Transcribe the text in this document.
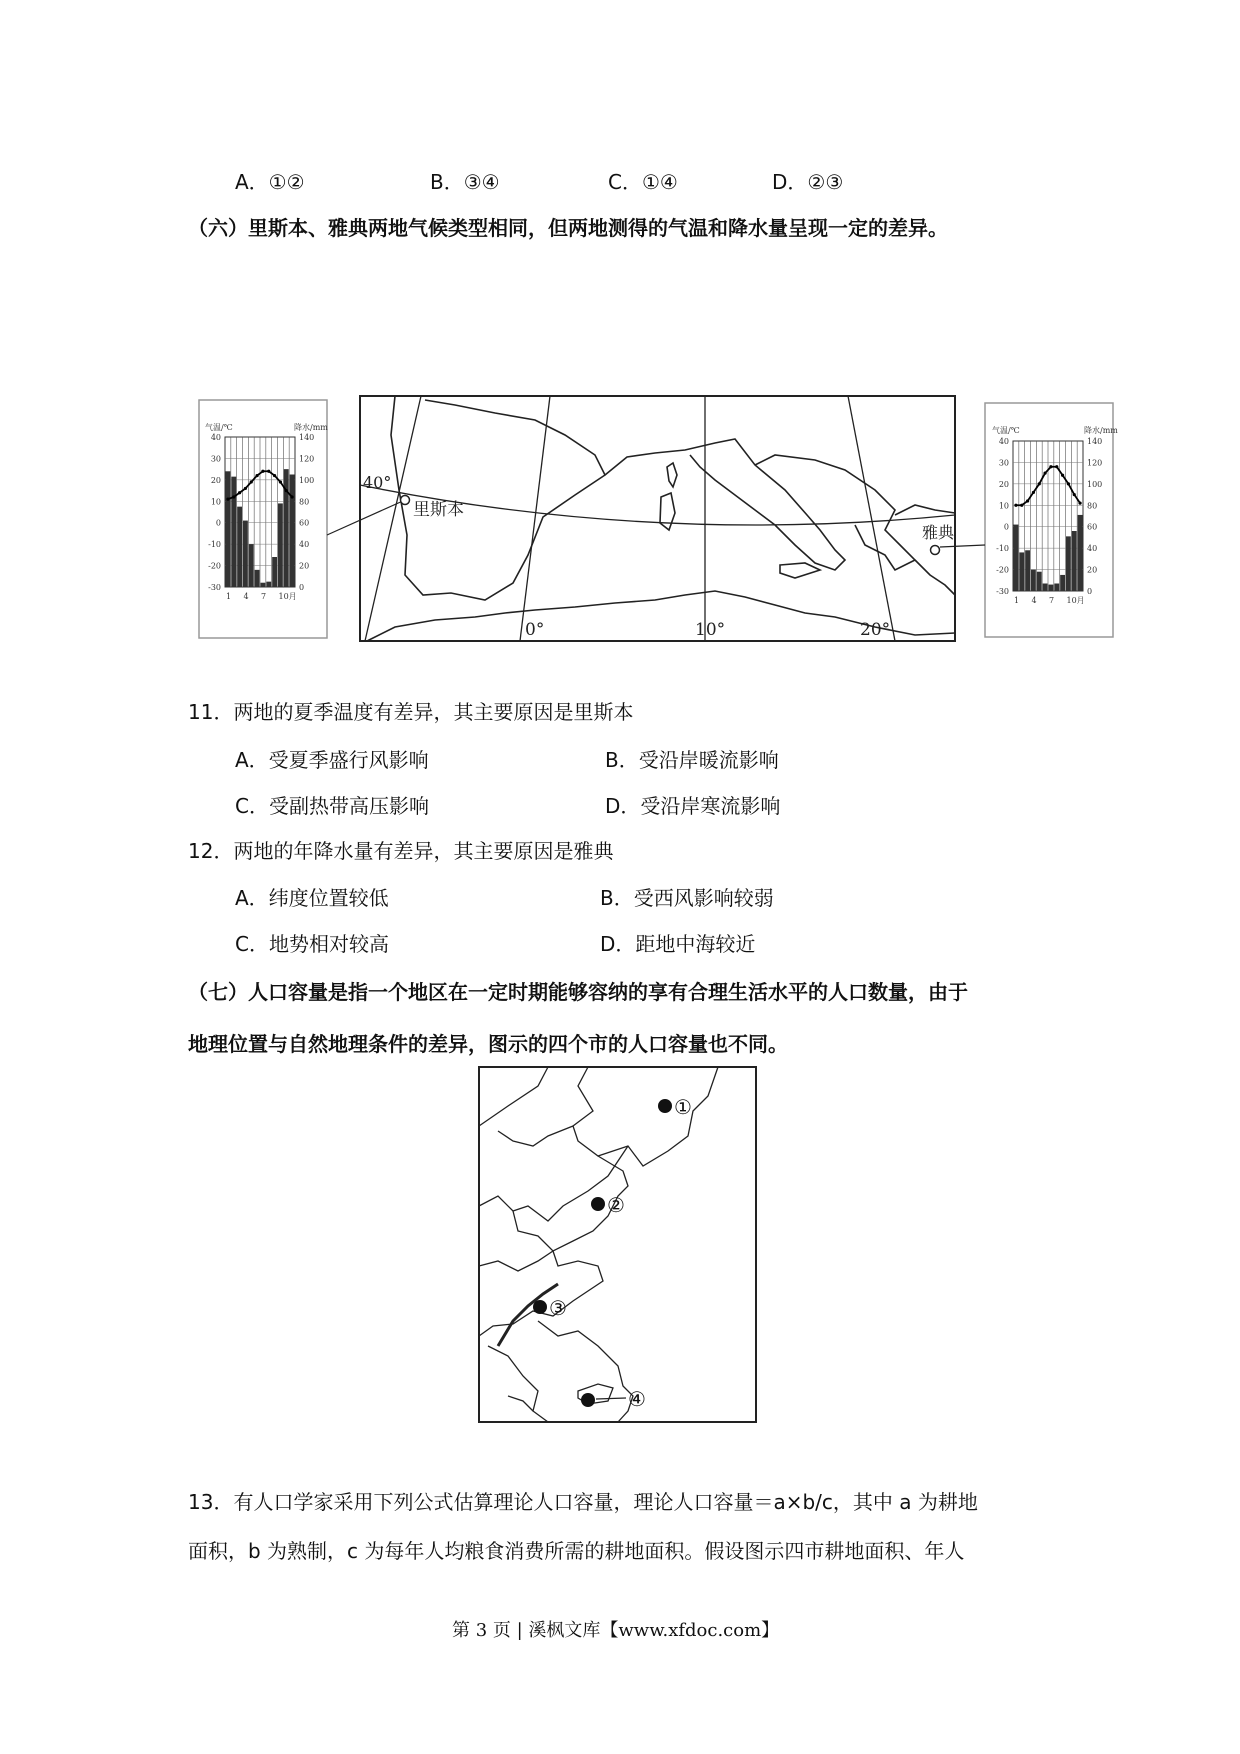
A．①②	B．③④	C．①④	D．②③
（六）里斯本、雅典两地气候类型相同，但两地测得的气温和降水量呈现一定的差异。
气温/℃	降水/mm
40
30
20
10
0
-10
-20
-30
140
120
100
80
60
40
20
0
1 4 7 10月
气温/℃	降水/mm
40
30
20
10
0
-10
-20
-30
140
120
100
80
60
40
20
0
1 4 7 10月
里斯本
40°
雅典
0°	10°	20°
11．两地的夏季温度有差异，其主要原因是里斯本
A．受夏季盛行风影响	B．受沿岸暖流影响
C．受副热带高压影响	D．受沿岸寒流影响
12．两地的年降水量有差异，其主要原因是雅典
A．纬度位置较低	B．受西风影响较弱
C．地势相对较高	D．距地中海较近
（七）人口容量是指一个地区在一定时期能够容纳的享有合理生活水平的人口数量，由于
地理位置与自然地理条件的差异，图示的四个市的人口容量也不同。
①
②
③
④
13．有人口学家采用下列公式估算理论人口容量，理论人口容量＝a×b/c，其中 a 为耕地
面积，b 为熟制，c 为每年人均粮食消费所需的耕地面积。假设图示四市耕地面积、年人
第 3 页 | 溪枫文库【www.xfdoc.com】
